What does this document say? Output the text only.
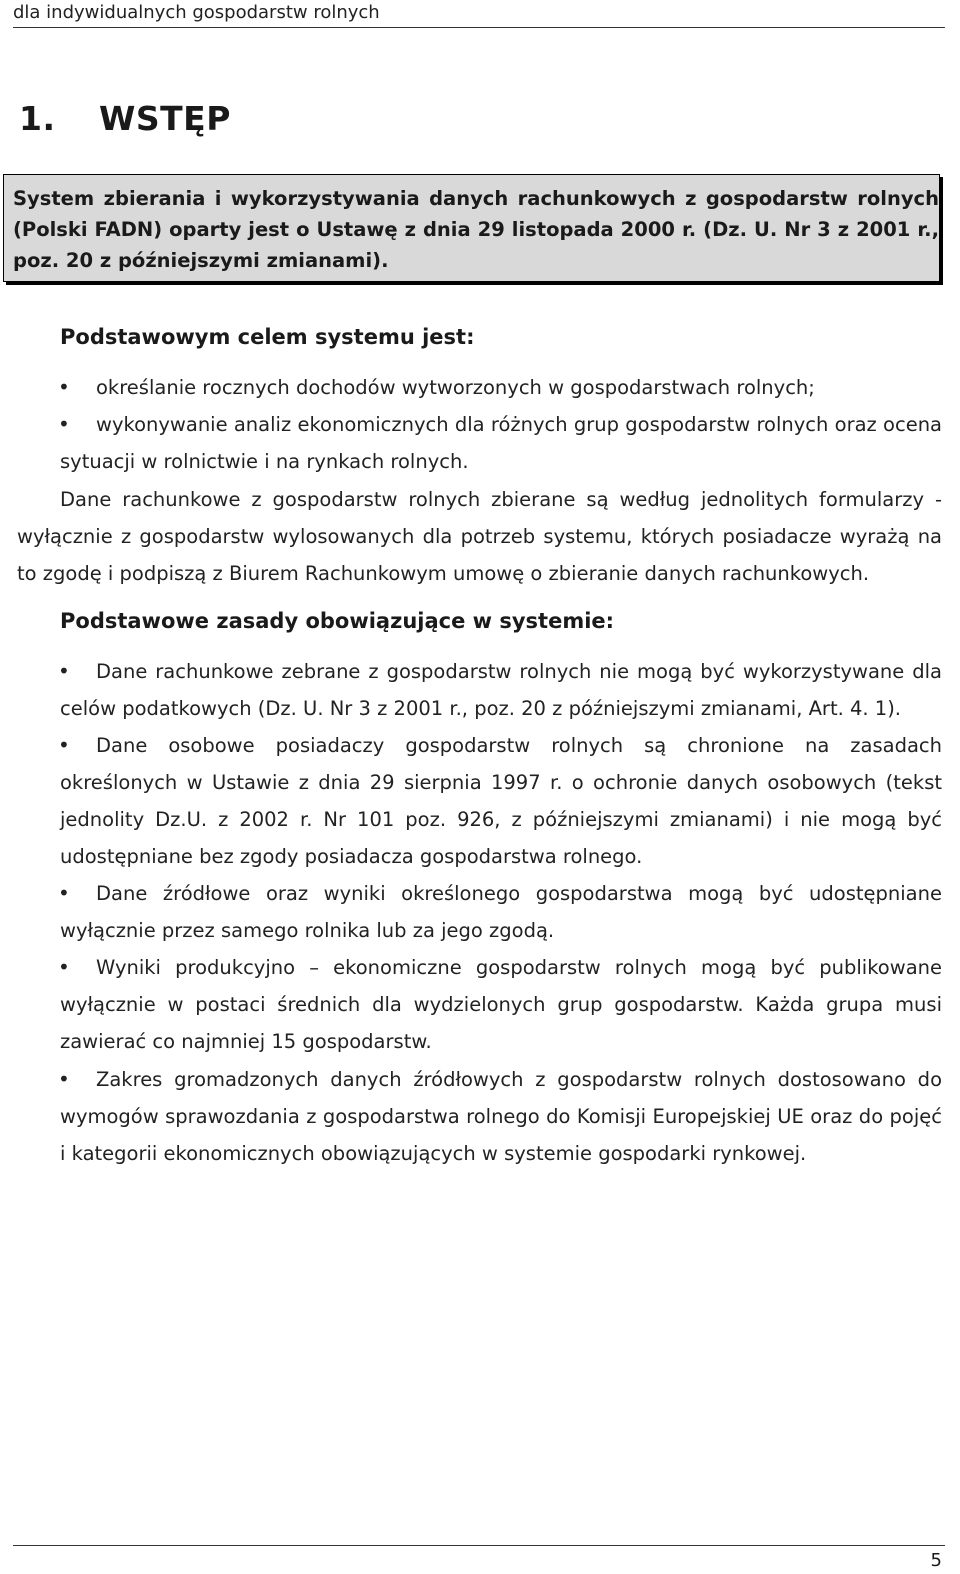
dla indywidualnych gospodarstw rolnych
1. WSTĘP
System zbierania i wykorzystywania danych rachunkowych z gospodarstw rolnych (Polski FADN) oparty jest o Ustawę z dnia 29 listopada 2000 r. (Dz. U. Nr 3 z 2001 r., poz. 20 z późniejszymi zmianami).
Podstawowym celem systemu jest:
•	określanie rocznych dochodów wytworzonych w gospodarstwach rolnych;
•	wykonywanie analiz ekonomicznych dla różnych grup gospodarstw rolnych oraz ocena sytuacji w rolnictwie i na rynkach rolnych.
Dane rachunkowe z gospodarstw rolnych zbierane są według jednolitych formularzy - wyłącznie z gospodarstw wylosowanych dla potrzeb systemu, których posiadacze wyrażą na to zgodę i podpiszą z Biurem Rachunkowym umowę o zbieranie danych rachunkowych.
Podstawowe zasady obowiązujące w systemie:
•	Dane rachunkowe zebrane z gospodarstw rolnych nie mogą być wykorzystywane dla celów podatkowych (Dz. U. Nr 3 z 2001 r., poz. 20 z późniejszymi zmianami, Art. 4. 1).
•	Dane osobowe posiadaczy gospodarstw rolnych są chronione na zasadach określonych w Ustawie z dnia 29 sierpnia 1997 r. o ochronie danych osobowych (tekst jednolity Dz.U. z 2002 r. Nr 101 poz. 926, z późniejszymi zmianami) i nie mogą być udostępniane bez zgody posiadacza gospodarstwa rolnego.
•	Dane źródłowe oraz wyniki określonego gospodarstwa mogą być udostępniane wyłącznie przez samego rolnika lub za jego zgodą.
•	Wyniki produkcyjno – ekonomiczne gospodarstw rolnych mogą być publikowane wyłącznie w postaci średnich dla wydzielonych grup gospodarstw. Każda grupa musi zawierać co najmniej 15 gospodarstw.
•	Zakres gromadzonych danych źródłowych z gospodarstw rolnych dostosowano do wymogów sprawozdania z gospodarstwa rolnego do Komisji Europejskiej UE oraz do pojęć i kategorii ekonomicznych obowiązujących w systemie gospodarki rynkowej.
5
